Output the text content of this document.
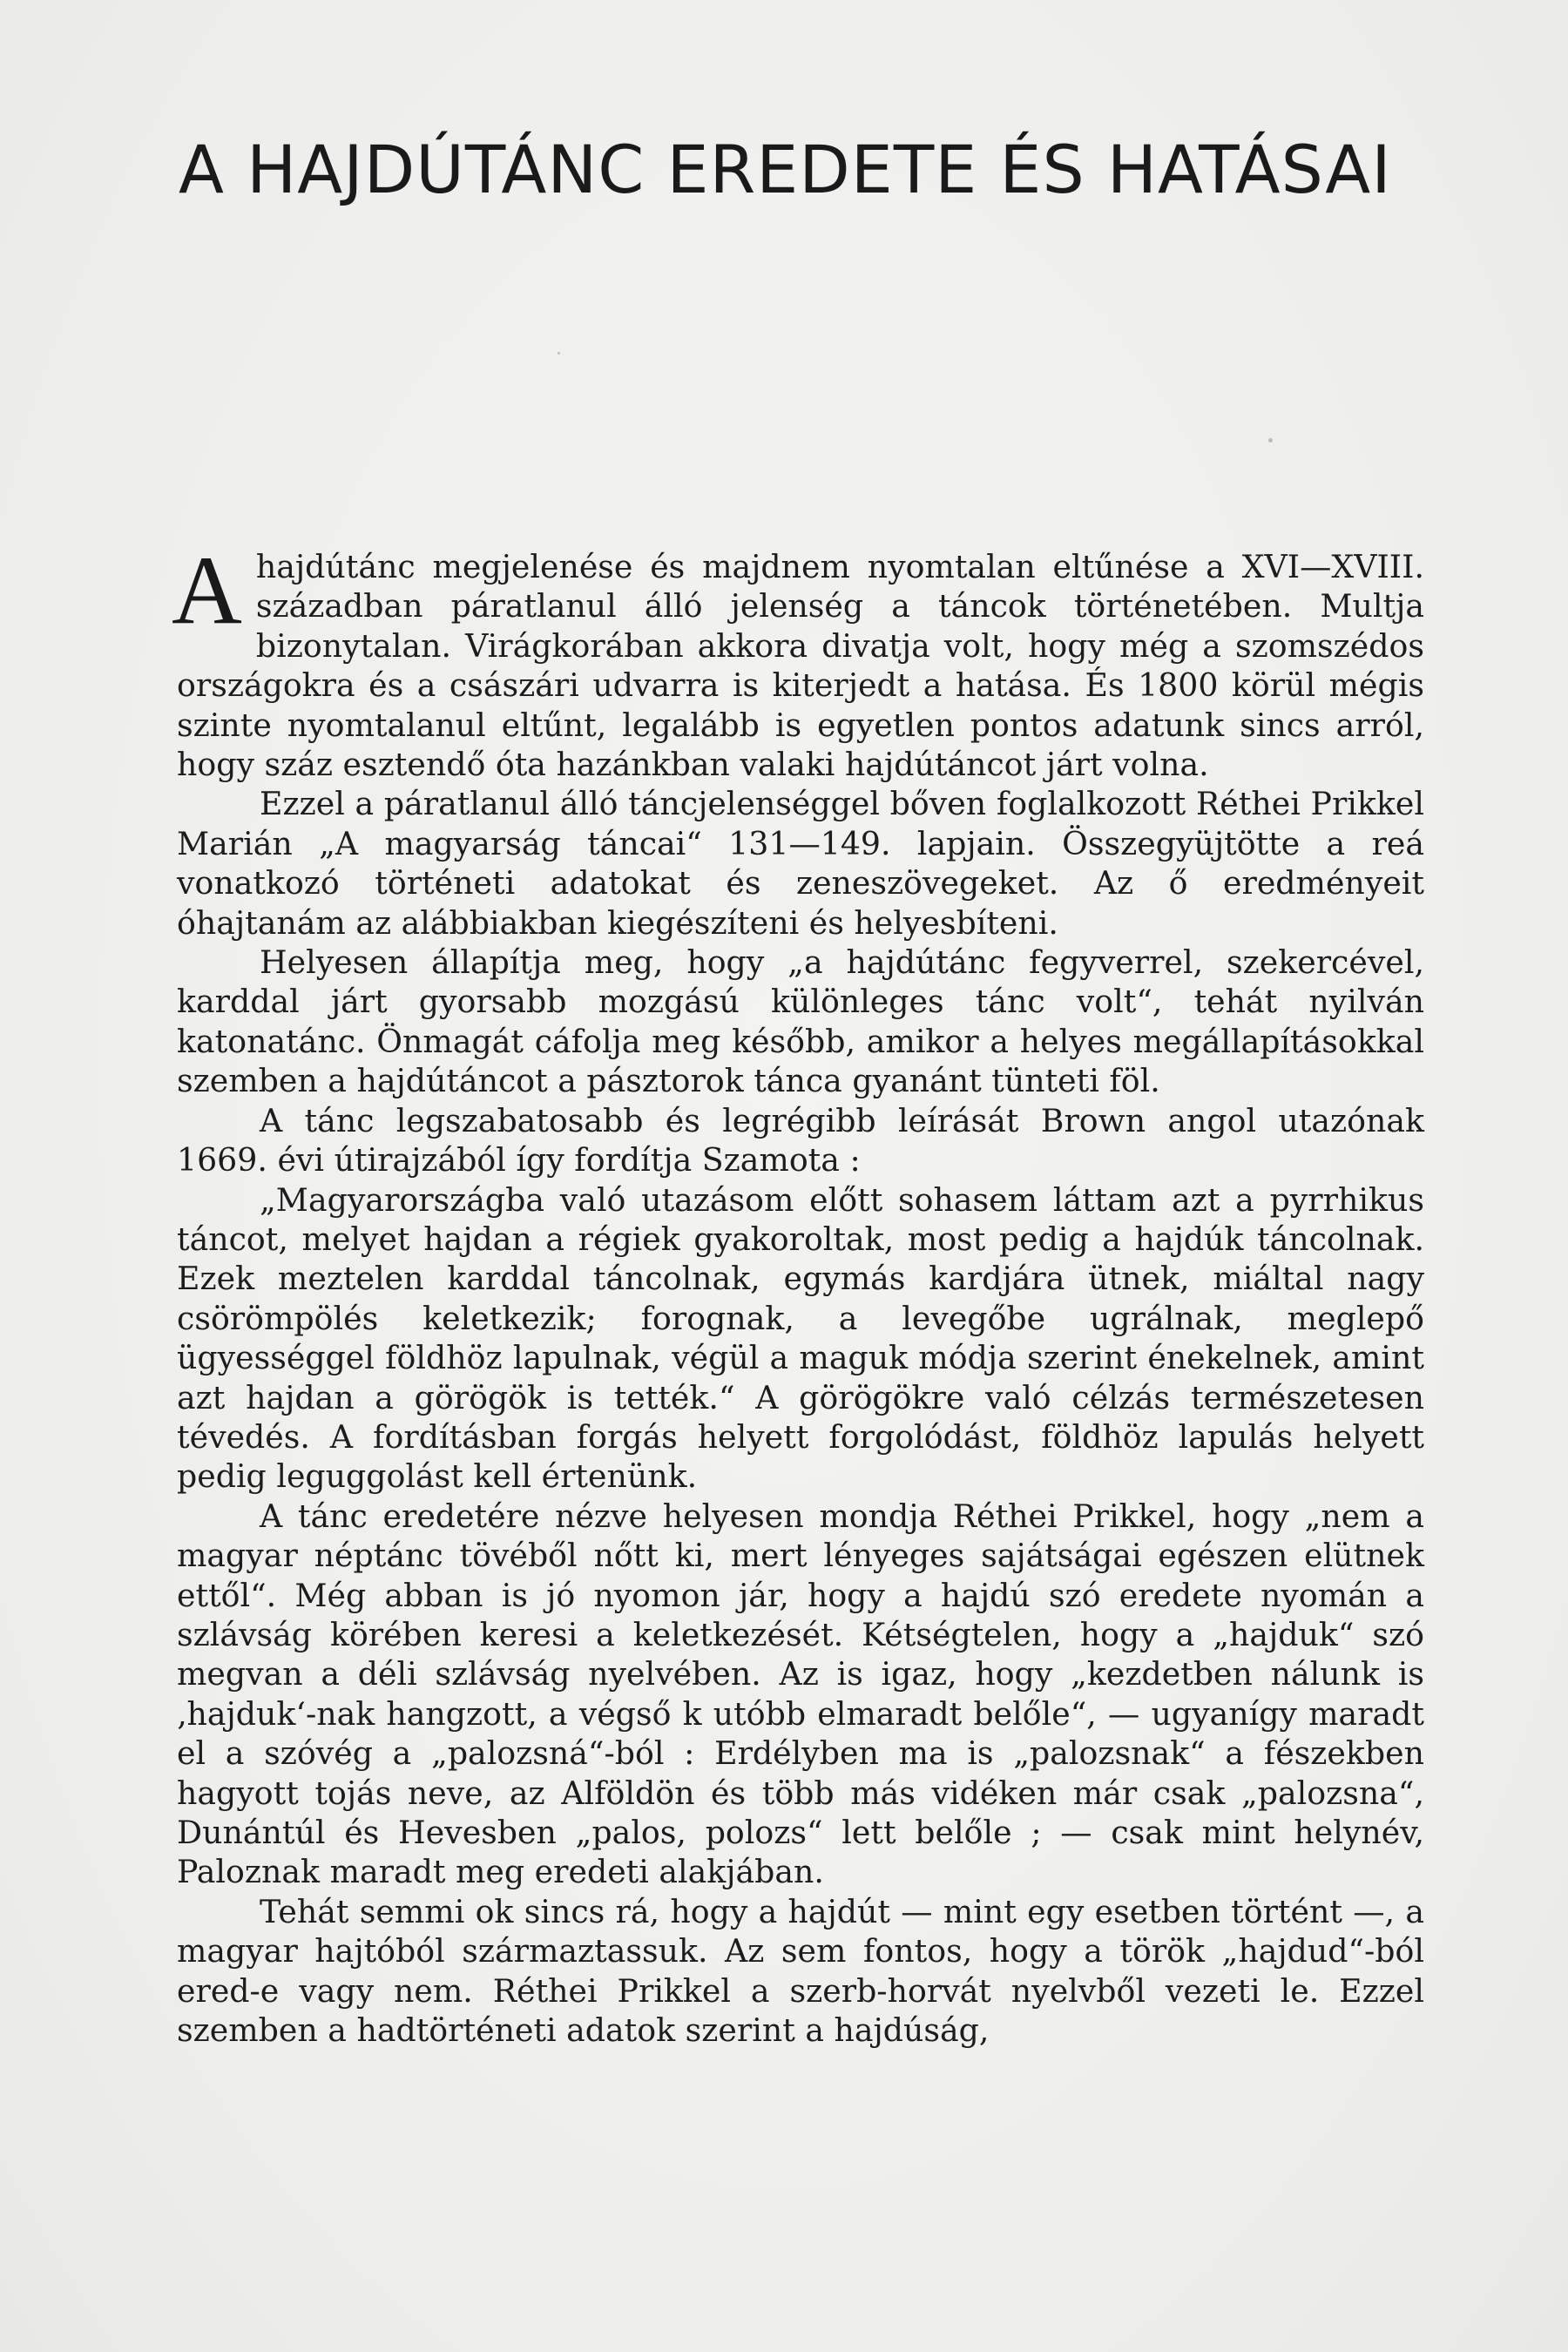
A HAJDÚTÁNC EREDETE ÉS HATÁSAI

Ahajdútánc megjelenése és majdnem nyomtalan eltűnése a XVI—XVIII. században páratlanul álló jelenség a táncok történetében. Multja bizonytalan. Virágkorában akkora divatja volt, hogy még a szomszédos országokra és a császári udvarra is kiterjedt a hatása. És 1800 körül mégis szinte nyomtalanul eltűnt, legalább is egyetlen pontos adatunk sincs arról, hogy száz esztendő óta hazánkban valaki hajdútáncot járt volna.

Ezzel a páratlanul álló táncjelenséggel bőven foglalkozott Réthei Prikkel Marián „A magyarság táncai“ 131—149. lapjain. Összegyüjtötte a reá vonatkozó történeti adatokat és zeneszövegeket. Az ő eredményeit óhajtanám az alábbiakban kiegészíteni és helyesbíteni.

Helyesen állapítja meg, hogy „a hajdútánc fegyverrel, szekercével, karddal járt gyorsabb mozgású különleges tánc volt“, tehát nyilván katonatánc. Önmagát cáfolja meg később, amikor a helyes megállapításokkal szemben a hajdútáncot a pásztorok tánca gyanánt tünteti föl.

A tánc legszabatosabb és legrégibb leírását Brown angol utazónak 1669. évi útirajzából így fordítja Szamota :

„Magyarországba való utazásom előtt sohasem láttam azt a pyrrhikus táncot, melyet hajdan a régiek gyakoroltak, most pedig a hajdúk táncolnak. Ezek meztelen karddal táncolnak, egymás kardjára ütnek, miáltal nagy csörömpölés keletkezik; forognak, a levegőbe ugrálnak, meglepő ügyességgel földhöz lapulnak, végül a maguk módja szerint énekelnek, amint azt hajdan a görögök is tették.“ A görögökre való célzás természetesen tévedés. A fordításban forgás helyett forgolódást, földhöz lapulás helyett pedig leguggolást kell értenünk.

A tánc eredetére nézve helyesen mondja Réthei Prikkel, hogy „nem a magyar néptánc tövéből nőtt ki, mert lényeges sajátságai egészen elütnek ettől“. Még abban is jó nyomon jár, hogy a hajdú szó eredete nyomán a szlávság körében keresi a keletkezését. Kétségtelen, hogy a „hajduk“ szó megvan a déli szlávság nyelvében. Az is igaz, hogy „kezdetben nálunk is ‚hajduk‘-nak hangzott, a végső k utóbb elmaradt belőle“, — ugyanígy maradt el a szóvég a „palozsná“-ból : Erdélyben ma is „palozsnak“ a fészekben hagyott tojás neve, az Alföldön és több más vidéken már csak „palozsna“, Dunántúl és Hevesben „palos, polozs“ lett belőle ; — csak mint helynév, Paloznak maradt meg eredeti alakjában.

Tehát semmi ok sincs rá, hogy a hajdút — mint egy esetben történt —, a magyar hajtóból származtassuk. Az sem fontos, hogy a török „hajdud“-ból ered-e vagy nem. Réthei Prikkel a szerb-horvát nyelvből vezeti le. Ezzel szemben a hadtörténeti adatok szerint a hajdúság,
